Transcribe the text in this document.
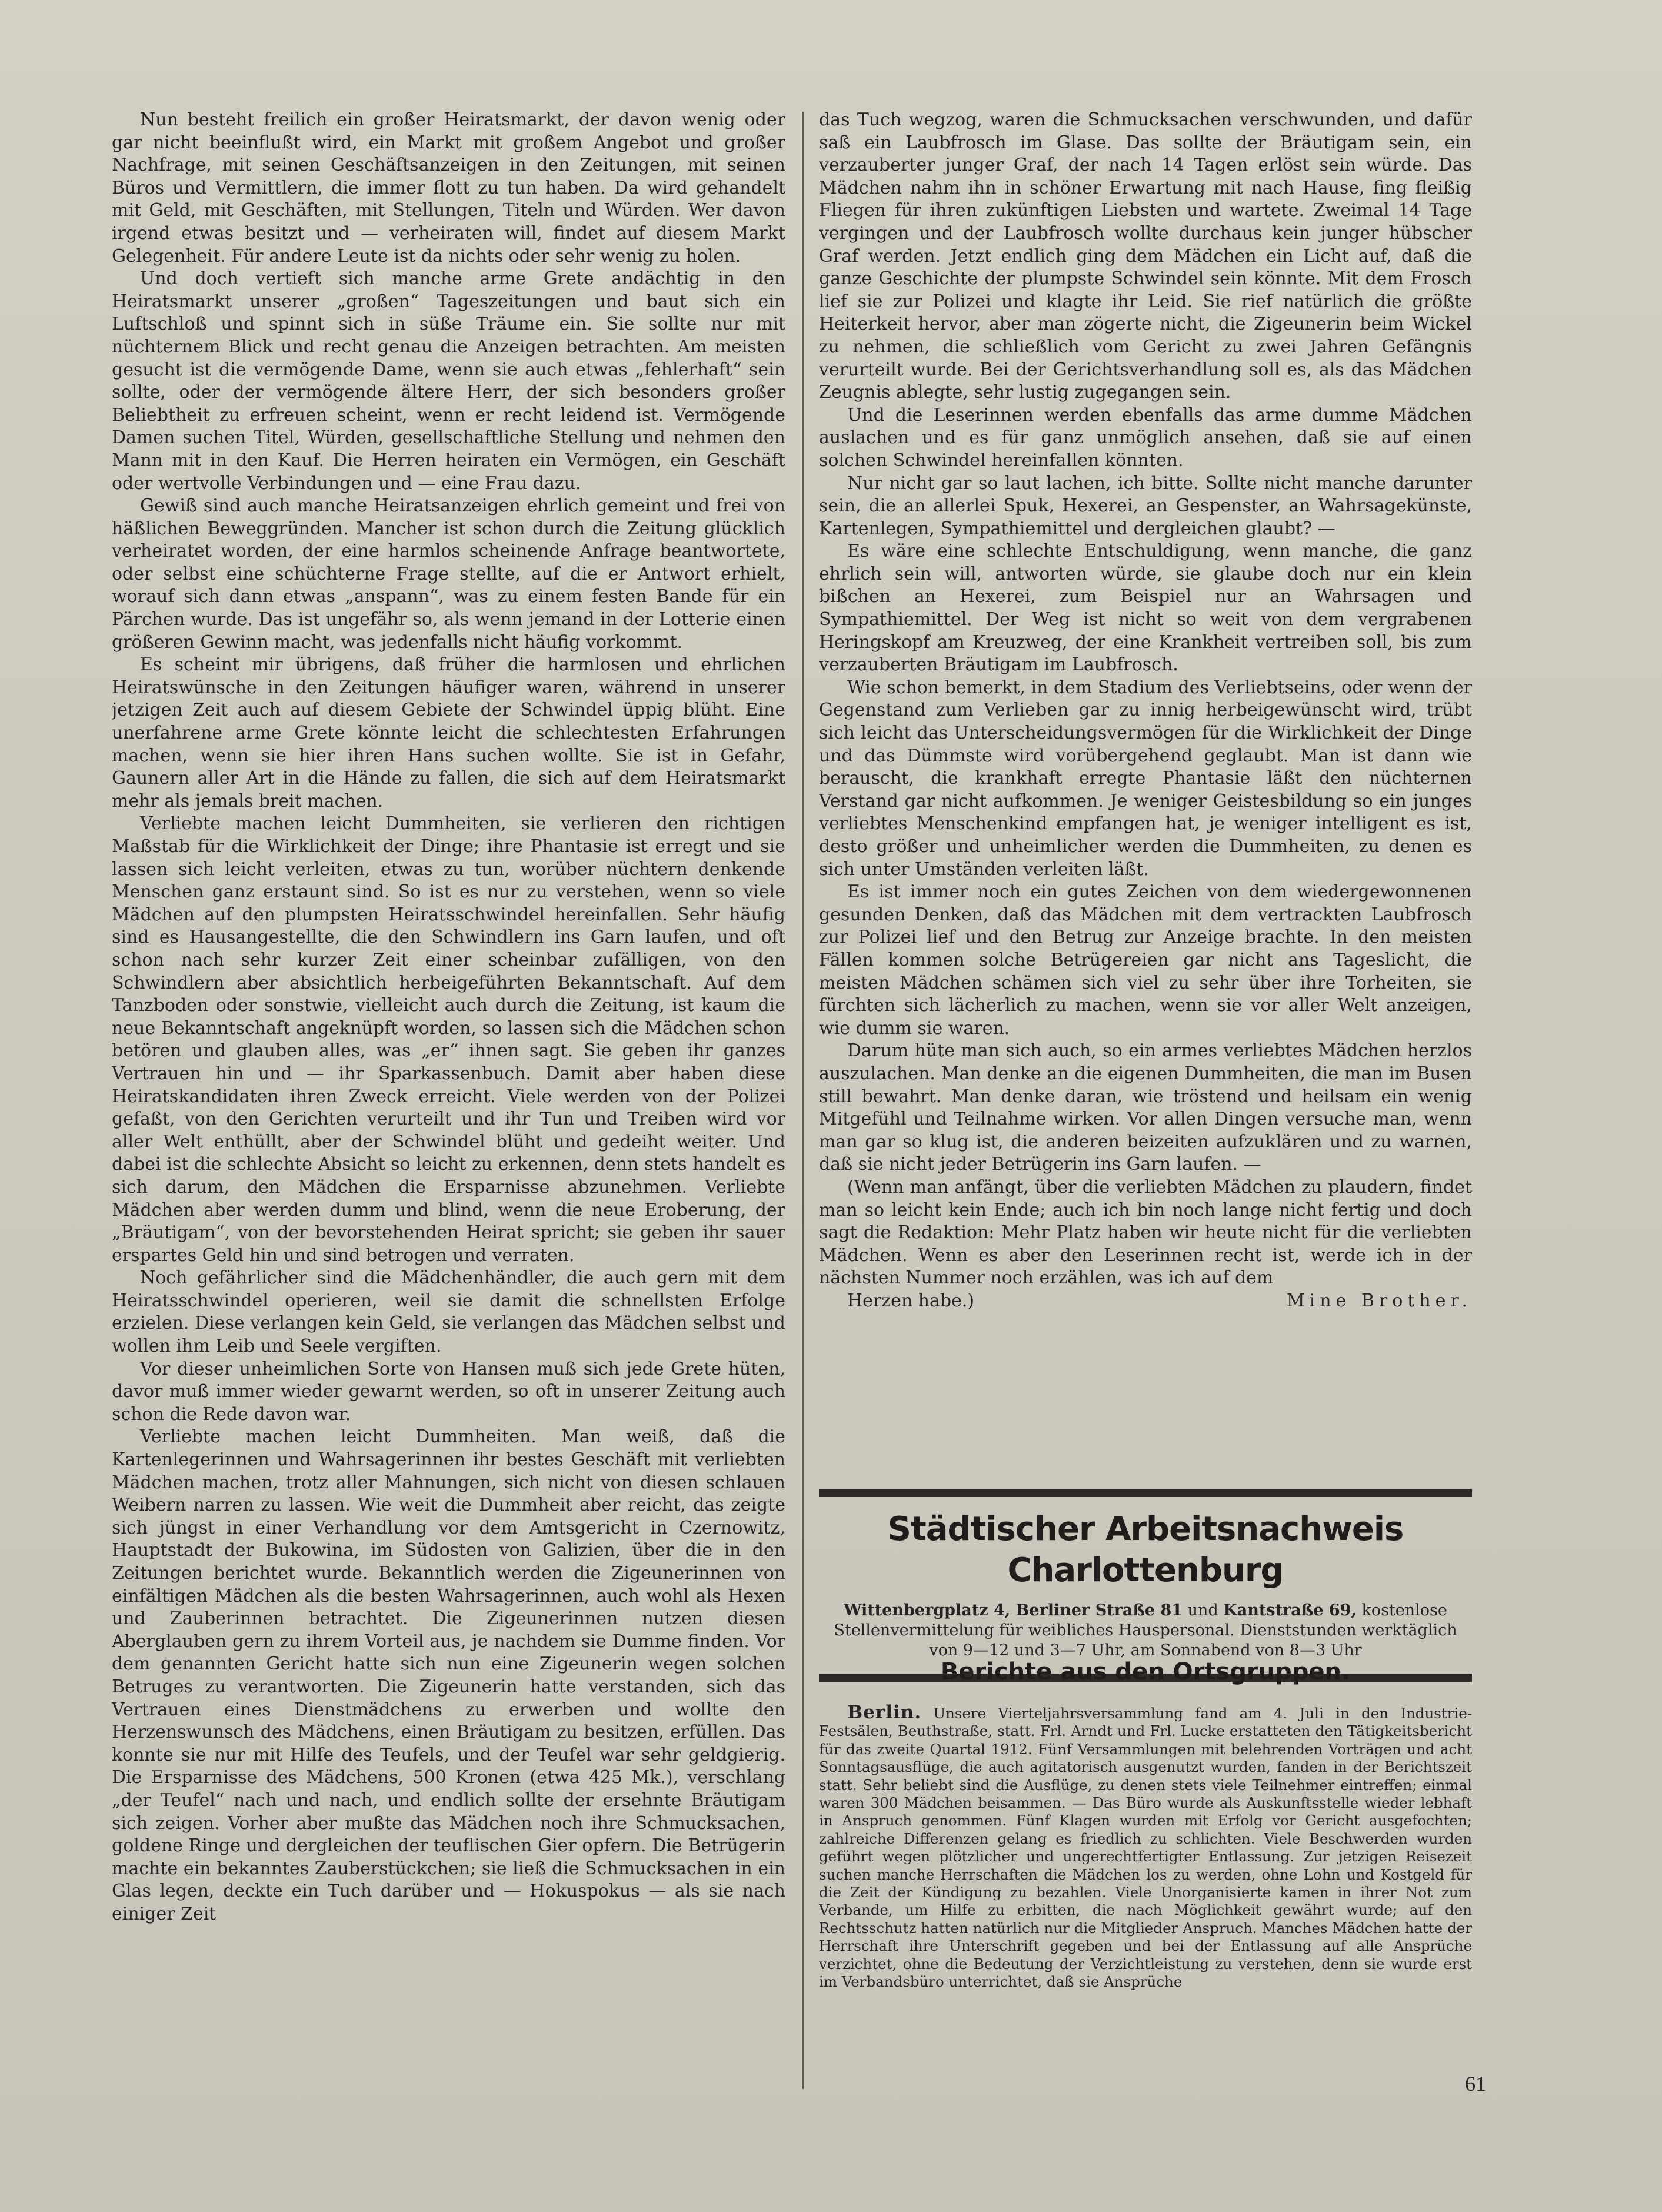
Nun besteht freilich ein großer Heiratsmarkt, der davon wenig oder gar nicht beeinflußt wird, ein Markt mit großem Angebot und großer Nachfrage, mit seinen Geschäftsanzeigen in den Zeitungen, mit seinen Büros und Vermittlern, die immer flott zu tun haben. Da wird gehandelt mit Geld, mit Geschäften, mit Stellungen, Titeln und Würden. Wer davon irgend etwas besitzt und — verheiraten will, findet auf diesem Markt Gelegenheit. Für andere Leute ist da nichts oder sehr wenig zu holen.

Und doch vertieft sich manche arme Grete andächtig in den Heiratsmarkt unserer „großen“ Tageszeitungen und baut sich ein Luftschloß und spinnt sich in süße Träume ein. Sie sollte nur mit nüchternem Blick und recht genau die Anzeigen betrachten. Am meisten gesucht ist die vermögende Dame, wenn sie auch etwas „fehlerhaft“ sein sollte, oder der vermögende ältere Herr, der sich besonders großer Beliebtheit zu erfreuen scheint, wenn er recht leidend ist. Vermögende Damen suchen Titel, Würden, gesellschaftliche Stellung und nehmen den Mann mit in den Kauf. Die Herren heiraten ein Vermögen, ein Geschäft oder wertvolle Verbindungen und — eine Frau dazu.

Gewiß sind auch manche Heiratsanzeigen ehrlich gemeint und frei von häßlichen Beweggründen. Mancher ist schon durch die Zeitung glücklich verheiratet worden, der eine harmlos scheinende Anfrage beantwortete, oder selbst eine schüchterne Frage stellte, auf die er Antwort erhielt, worauf sich dann etwas „anspann“, was zu einem festen Bande für ein Pärchen wurde. Das ist ungefähr so, als wenn jemand in der Lotterie einen größeren Gewinn macht, was jedenfalls nicht häufig vorkommt.

Es scheint mir übrigens, daß früher die harmlosen und ehrlichen Heiratswünsche in den Zeitungen häufiger waren, während in unserer jetzigen Zeit auch auf diesem Gebiete der Schwindel üppig blüht. Eine unerfahrene arme Grete könnte leicht die schlechtesten Erfahrungen machen, wenn sie hier ihren Hans suchen wollte. Sie ist in Gefahr, Gaunern aller Art in die Hände zu fallen, die sich auf dem Heiratsmarkt mehr als jemals breit machen.

Verliebte machen leicht Dummheiten, sie verlieren den richtigen Maßstab für die Wirklichkeit der Dinge; ihre Phantasie ist erregt und sie lassen sich leicht verleiten, etwas zu tun, worüber nüchtern denkende Menschen ganz erstaunt sind. So ist es nur zu verstehen, wenn so viele Mädchen auf den plumpsten Heiratsschwindel hereinfallen. Sehr häufig sind es Hausangestellte, die den Schwindlern ins Garn laufen, und oft schon nach sehr kurzer Zeit einer scheinbar zufälligen, von den Schwindlern aber absichtlich herbeigeführten Bekanntschaft. Auf dem Tanzboden oder sonstwie, vielleicht auch durch die Zeitung, ist kaum die neue Bekanntschaft angeknüpft worden, so lassen sich die Mädchen schon betören und glauben alles, was „er“ ihnen sagt. Sie geben ihr ganzes Vertrauen hin und — ihr Sparkassenbuch. Damit aber haben diese Heiratskandidaten ihren Zweck erreicht. Viele werden von der Polizei gefaßt, von den Gerichten verurteilt und ihr Tun und Treiben wird vor aller Welt enthüllt, aber der Schwindel blüht und gedeiht weiter. Und dabei ist die schlechte Absicht so leicht zu erkennen, denn stets handelt es sich darum, den Mädchen die Ersparnisse abzunehmen. Verliebte Mädchen aber werden dumm und blind, wenn die neue Eroberung, der „Bräutigam“, von der bevorstehenden Heirat spricht; sie geben ihr sauer erspartes Geld hin und sind betrogen und verraten.

Noch gefährlicher sind die Mädchenhändler, die auch gern mit dem Heiratsschwindel operieren, weil sie damit die schnellsten Erfolge erzielen. Diese verlangen kein Geld, sie verlangen das Mädchen selbst und wollen ihm Leib und Seele vergiften.

Vor dieser unheimlichen Sorte von Hansen muß sich jede Grete hüten, davor muß immer wieder gewarnt werden, so oft in unserer Zeitung auch schon die Rede davon war.

Verliebte machen leicht Dummheiten. Man weiß, daß die Kartenlegerinnen und Wahrsagerinnen ihr bestes Geschäft mit verliebten Mädchen machen, trotz aller Mahnungen, sich nicht von diesen schlauen Weibern narren zu lassen. Wie weit die Dummheit aber reicht, das zeigte sich jüngst in einer Verhandlung vor dem Amtsgericht in Czernowitz, Hauptstadt der Bukowina, im Südosten von Galizien, über die in den Zeitungen berichtet wurde. Bekanntlich werden die Zigeunerinnen von einfältigen Mädchen als die besten Wahrsagerinnen, auch wohl als Hexen und Zauberinnen betrachtet. Die Zigeunerinnen nutzen diesen Aberglauben gern zu ihrem Vorteil aus, je nachdem sie Dumme finden. Vor dem genannten Gericht hatte sich nun eine Zigeunerin wegen solchen Betruges zu verantworten. Die Zigeunerin hatte verstanden, sich das Vertrauen eines Dienstmädchens zu erwerben und wollte den Herzenswunsch des Mädchens, einen Bräutigam zu besitzen, erfüllen. Das konnte sie nur mit Hilfe des Teufels, und der Teufel war sehr geldgierig. Die Ersparnisse des Mädchens, 500 Kronen (etwa 425 Mk.), verschlang „der Teufel“ nach und nach, und endlich sollte der ersehnte Bräutigam sich zeigen. Vorher aber mußte das Mädchen noch ihre Schmucksachen, goldene Ringe und dergleichen der teuflischen Gier opfern. Die Betrügerin machte ein bekanntes Zauberstückchen; sie ließ die Schmucksachen in ein Glas legen, deckte ein Tuch darüber und — Hokuspokus — als sie nach einiger Zeit

das Tuch wegzog, waren die Schmucksachen verschwunden, und dafür saß ein Laubfrosch im Glase. Das sollte der Bräutigam sein, ein verzauberter junger Graf, der nach 14 Tagen erlöst sein würde. Das Mädchen nahm ihn in schöner Erwartung mit nach Hause, fing fleißig Fliegen für ihren zukünftigen Liebsten und wartete. Zweimal 14 Tage vergingen und der Laubfrosch wollte durchaus kein junger hübscher Graf werden. Jetzt endlich ging dem Mädchen ein Licht auf, daß die ganze Geschichte der plumpste Schwindel sein könnte. Mit dem Frosch lief sie zur Polizei und klagte ihr Leid. Sie rief natürlich die größte Heiterkeit hervor, aber man zögerte nicht, die Zigeunerin beim Wickel zu nehmen, die schließlich vom Gericht zu zwei Jahren Gefängnis verurteilt wurde. Bei der Gerichtsverhandlung soll es, als das Mädchen Zeugnis ablegte, sehr lustig zugegangen sein.

Und die Leserinnen werden ebenfalls das arme dumme Mädchen auslachen und es für ganz unmöglich ansehen, daß sie auf einen solchen Schwindel hereinfallen könnten.

Nur nicht gar so laut lachen, ich bitte. Sollte nicht manche darunter sein, die an allerlei Spuk, Hexerei, an Gespenster, an Wahrsagekünste, Kartenlegen, Sympathiemittel und dergleichen glaubt? —

Es wäre eine schlechte Entschuldigung, wenn manche, die ganz ehrlich sein will, antworten würde, sie glaube doch nur ein klein bißchen an Hexerei, zum Beispiel nur an Wahrsagen und Sympathiemittel. Der Weg ist nicht so weit von dem vergrabenen Heringskopf am Kreuzweg, der eine Krankheit vertreiben soll, bis zum verzauberten Bräutigam im Laubfrosch.

Wie schon bemerkt, in dem Stadium des Verliebtseins, oder wenn der Gegenstand zum Verlieben gar zu innig herbeigewünscht wird, trübt sich leicht das Unterscheidungsvermögen für die Wirklichkeit der Dinge und das Dümmste wird vorübergehend geglaubt. Man ist dann wie berauscht, die krankhaft erregte Phantasie läßt den nüchternen Verstand gar nicht aufkommen. Je weniger Geistesbildung so ein junges verliebtes Menschenkind empfangen hat, je weniger intelligent es ist, desto größer und unheimlicher werden die Dummheiten, zu denen es sich unter Umständen verleiten läßt.

Es ist immer noch ein gutes Zeichen von dem wiedergewonnenen gesunden Denken, daß das Mädchen mit dem vertrackten Laubfrosch zur Polizei lief und den Betrug zur Anzeige brachte. In den meisten Fällen kommen solche Betrügereien gar nicht ans Tageslicht, die meisten Mädchen schämen sich viel zu sehr über ihre Torheiten, sie fürchten sich lächerlich zu machen, wenn sie vor aller Welt anzeigen, wie dumm sie waren.

Darum hüte man sich auch, so ein armes verliebtes Mädchen herzlos auszulachen. Man denke an die eigenen Dummheiten, die man im Busen still bewahrt. Man denke daran, wie tröstend und heilsam ein wenig Mitgefühl und Teilnahme wirken. Vor allen Dingen versuche man, wenn man gar so klug ist, die anderen beizeiten aufzuklären und zu warnen, daß sie nicht jeder Betrügerin ins Garn laufen. —

(Wenn man anfängt, über die verliebten Mädchen zu plaudern, findet man so leicht kein Ende; auch ich bin noch lange nicht fertig und doch sagt die Redaktion: Mehr Platz haben wir heute nicht für die verliebten Mädchen. Wenn es aber den Leserinnen recht ist, werde ich in der nächsten Nummer noch erzählen, was ich auf dem

Herzen habe.)	Mine Brother.

Städtischer Arbeitsnachweis Charlottenburg
Wittenbergplatz 4, Berliner Straße 81 und Kantstraße 69, kostenlose Stellenvermittelung für weibliches Hauspersonal. Dienststunden werktäglich von 9—12 und 3—7 Uhr, am Sonnabend von 8—3 Uhr
Berichte aus den Ortsgruppen.

Berlin. Unsere Vierteljahrsversammlung fand am 4. Juli in den Industrie-Festsälen, Beuthstraße, statt. Frl. Arndt und Frl. Lucke erstatteten den Tätigkeitsbericht für das zweite Quartal 1912. Fünf Versammlungen mit belehrenden Vorträgen und acht Sonntagsausflüge, die auch agitatorisch ausgenutzt wurden, fanden in der Berichtszeit statt. Sehr beliebt sind die Ausflüge, zu denen stets viele Teilnehmer eintreffen; einmal waren 300 Mädchen beisammen. — Das Büro wurde als Auskunftsstelle wieder lebhaft in Anspruch genommen. Fünf Klagen wurden mit Erfolg vor Gericht ausgefochten; zahlreiche Differenzen gelang es friedlich zu schlichten. Viele Beschwerden wurden geführt wegen plötzlicher und ungerechtfertigter Entlassung. Zur jetzigen Reisezeit suchen manche Herrschaften die Mädchen los zu werden, ohne Lohn und Kostgeld für die Zeit der Kündigung zu bezahlen. Viele Unorganisierte kamen in ihrer Not zum Verbande, um Hilfe zu erbitten, die nach Möglichkeit gewährt wurde; auf den Rechtsschutz hatten natürlich nur die Mitglieder Anspruch. Manches Mädchen hatte der Herrschaft ihre Unterschrift gegeben und bei der Entlassung auf alle Ansprüche verzichtet, ohne die Bedeutung der Verzichtleistung zu verstehen, denn sie wurde erst im Verbandsbüro unterrichtet, daß sie Ansprüche

61
